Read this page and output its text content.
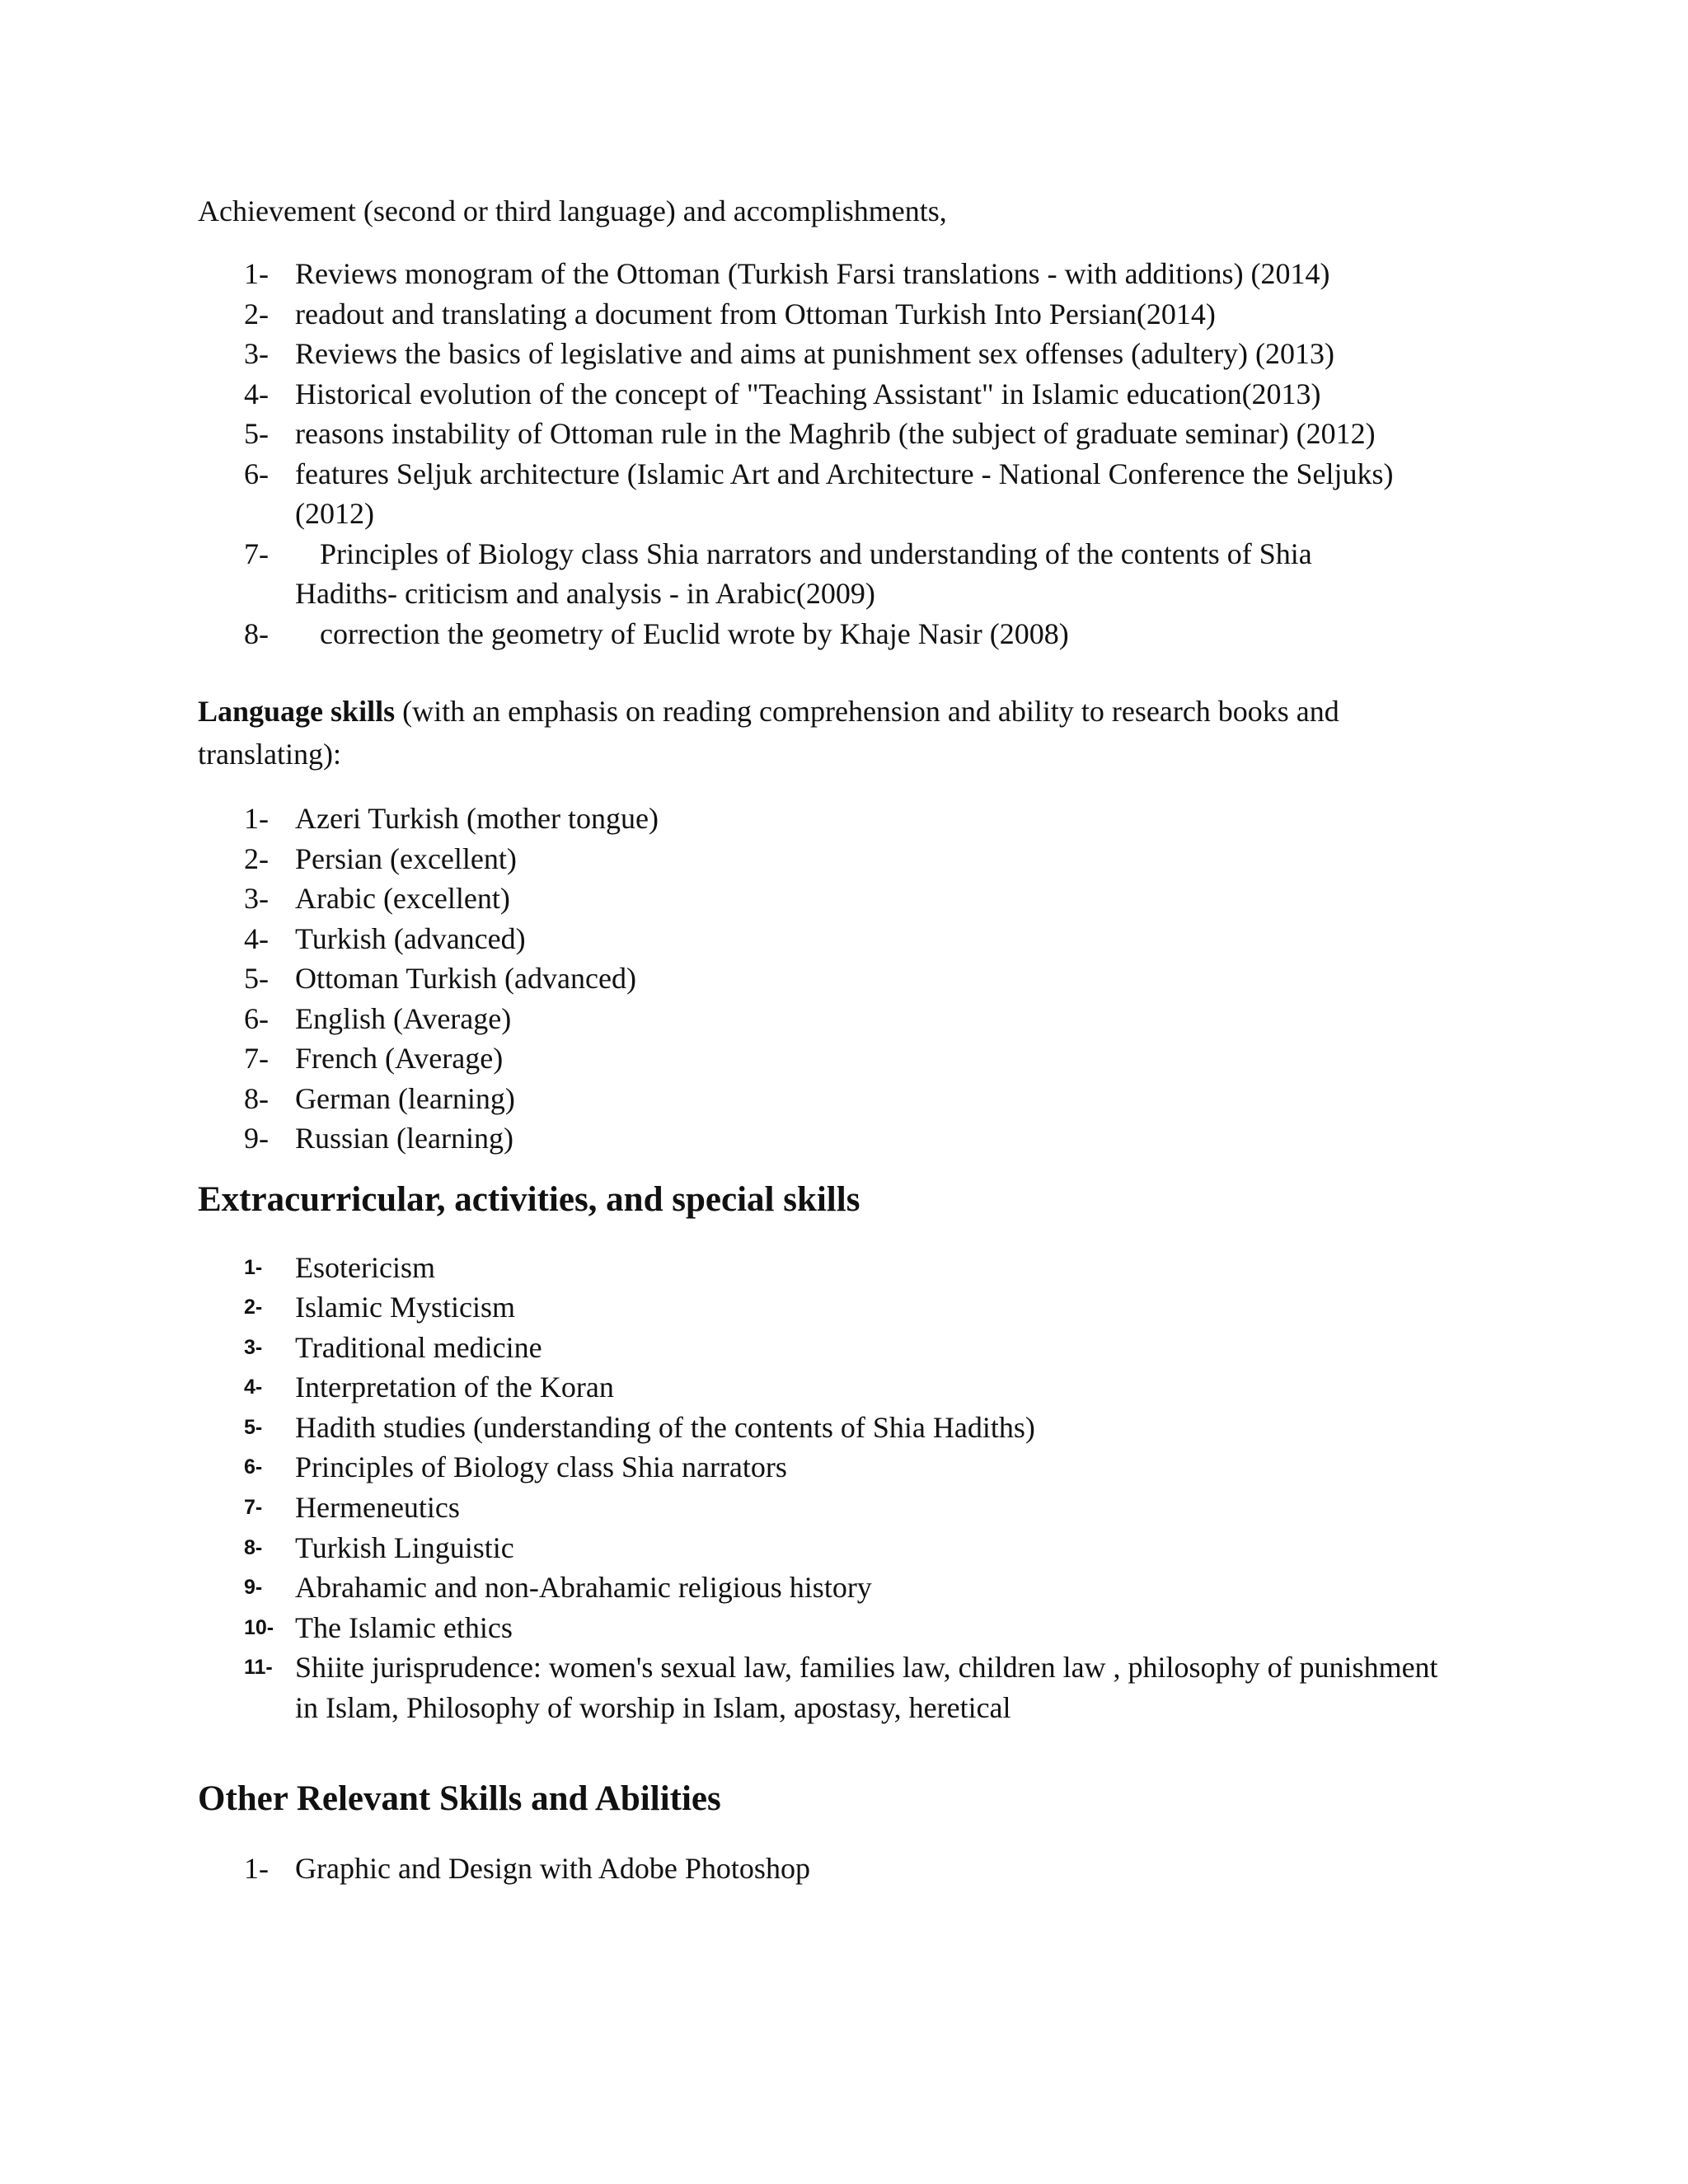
Achievement (second or third language) and accomplishments,

1- Reviews monogram of the Ottoman (Turkish Farsi translations - with additions) (2014)
2- readout and translating a document from Ottoman Turkish Into Persian(2014)
3- Reviews the basics of legislative and aims at punishment sex offenses (adultery) (2013)
4- Historical evolution of the concept of "Teaching Assistant" in Islamic education(2013)
5- reasons instability of Ottoman rule in the Maghrib (the subject of graduate seminar) (2012)
6- features Seljuk architecture (Islamic Art and Architecture - National Conference the Seljuks)(2012)
7-	Principles of Biology class Shia narrators and understanding of the contents of Shia
Hadiths- criticism and analysis - in Arabic(2009)
8-	correction the geometry of Euclid wrote by Khaje Nasir (2008)

Language skills (with an emphasis on reading comprehension and ability to research books and translating):

1- Azeri Turkish (mother tongue)
2- Persian (excellent)
3- Arabic (excellent)
4- Turkish (advanced)
5- Ottoman Turkish (advanced)
6- English (Average)
7- French (Average)
8- German (learning)
9- Russian (learning)
Extracurricular, activities, and special skills
1-	Esotericism
2-	Islamic Mysticism
3-	Traditional medicine
4-	Interpretation of the Koran
5-	Hadith studies (understanding of the contents of Shia Hadiths)
6-	Principles of Biology class Shia narrators
7-	Hermeneutics
8-	Turkish Linguistic
9-	Abrahamic and non-Abrahamic religious history
10- The Islamic ethics
11- Shiite jurisprudence: women's sexual law, families law, children law , philosophy of punishment in Islam, Philosophy of worship in Islam, apostasy, heretical
Other Relevant Skills and Abilities
1- Graphic and Design with Adobe Photoshop
